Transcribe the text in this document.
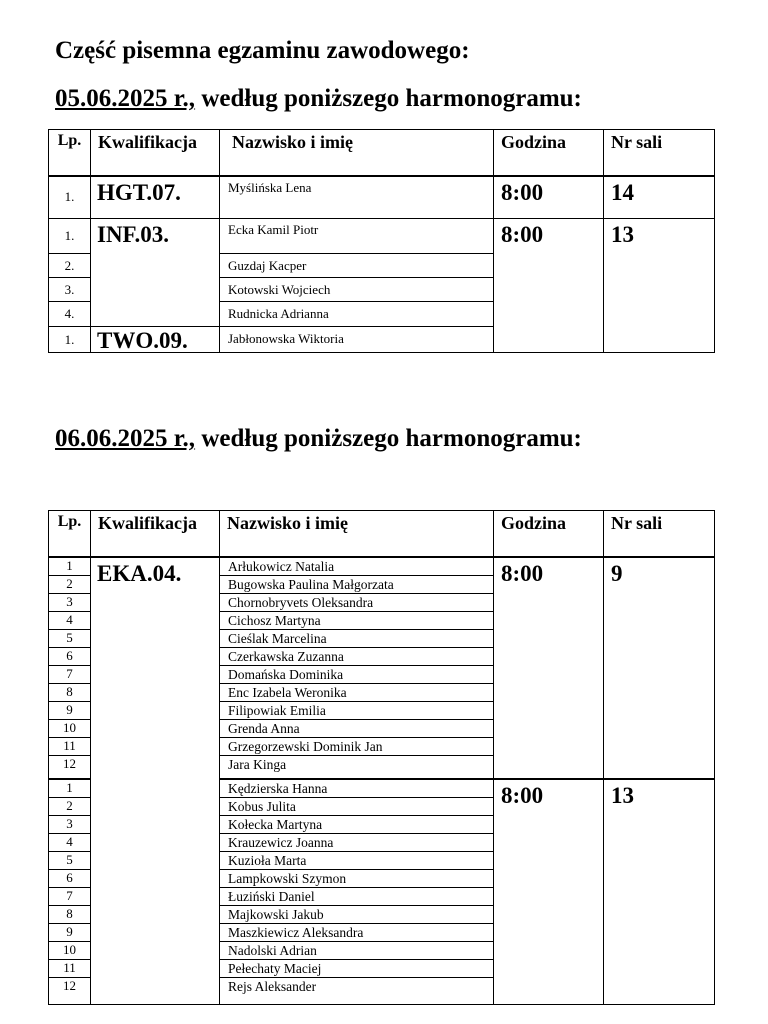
Część pisemna egzaminu zawodowego:
05.06.2025 r., według poniższego harmonogramu:
Lp.	Kwalifikacja	Nazwisko i imię	Godzina	Nr sali
1.	HGT.07.	Myślińska Lena	8:00	14
1.	INF.03.	Ecka Kamil Piotr	8:00	13
2.		Guzdaj Kacper		
3.		Kotowski Wojciech		
4.		Rudnicka Adrianna		
1.	TWO.09.	Jabłonowska Wiktoria		
06.06.2025 r., według poniższego harmonogramu:
Lp.	Kwalifikacja	Nazwisko i imię	Godzina	Nr sali
1	EKA.04.	Arłukowicz Natalia	8:00	9
2		Bugowska Paulina Małgorzata		
3		Chornobryvets Oleksandra		
4		Cichosz Martyna		
5		Cieślak Marcelina		
6		Czerkawska Zuzanna		
7		Domańska Dominika		
8		Enc Izabela Weronika		
9		Filipowiak Emilia		
10		Grenda Anna		
11		Grzegorzewski Dominik Jan		
12		Jara Kinga		
1		Kędzierska Hanna	8:00	13
2		Kobus Julita		
3		Kołecka Martyna		
4		Krauzewicz Joanna		
5		Kuzioła Marta		
6		Lampkowski Szymon		
7		Łuziński Daniel		
8		Majkowski Jakub		
9		Maszkiewicz Aleksandra		
10		Nadolski Adrian		
11		Pełechaty Maciej		
12		Rejs Aleksander		
